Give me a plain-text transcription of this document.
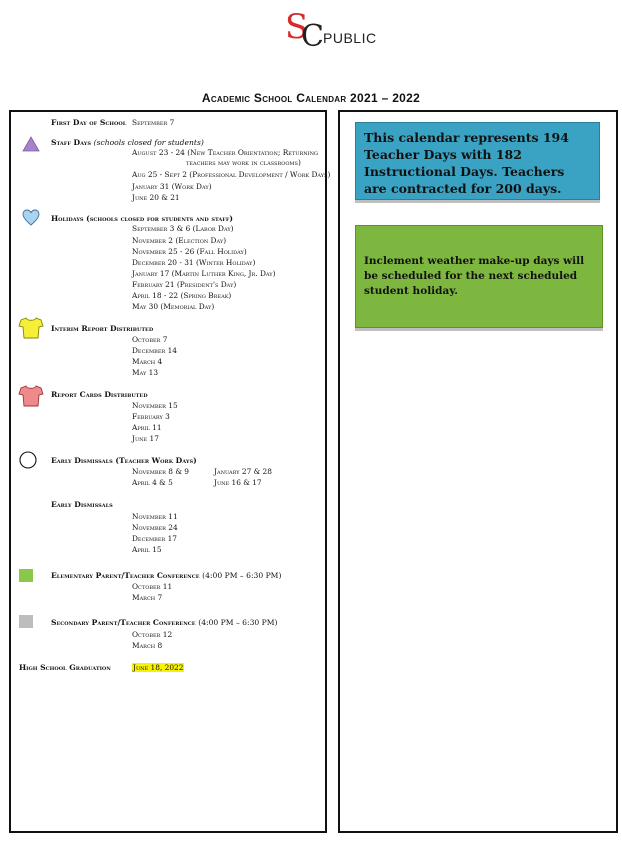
S
C PUBLIC
Academic School Calendar 2021 – 2022
First Day of School September 7
Staff Days (schools closed for students)
August 23 - 24 (New Teacher Orientation; Returning
teachers may work in classrooms)
Aug 25 - Sept 2 (Professional Development / Work Days)
January 31 (Work Day)
June 20 & 21
Holidays (schools closed for students and staff)
September 3 & 6 (Labor Day)
November 2 (Election Day)
November 25 - 26 (Fall Holiday)
December 20 - 31 (Winter Holiday)
January 17 (Martin Luther King, Jr. Day)
February 21 (President's Day)
April 18 - 22 (Spring Break)
May 30 (Memorial Day)
Interim Report Distributed
October 7
December 14
March 4
May 13
Report Cards Distributed
November 15
February 3
April 11
June 17
Early Dismissals (Teacher Work Days)
November 8 & 9
April 4 & 5
January 27 & 28
June 16 & 17
Early Dismissals
November 11
November 24
December 17
April 15
Elementary Parent/Teacher Conference (4:00 PM – 6:30 PM)
October 11
March 7
Secondary Parent/Teacher Conference (4:00 PM – 6:30 PM)
October 12
March 8
High School Graduation	June 18, 2022
This calendar represents 194 Teacher Days with 182 Instructional Days. Teachers are contracted for 200 days.
Inclement weather make-up days will be scheduled for the next scheduled student holiday.
